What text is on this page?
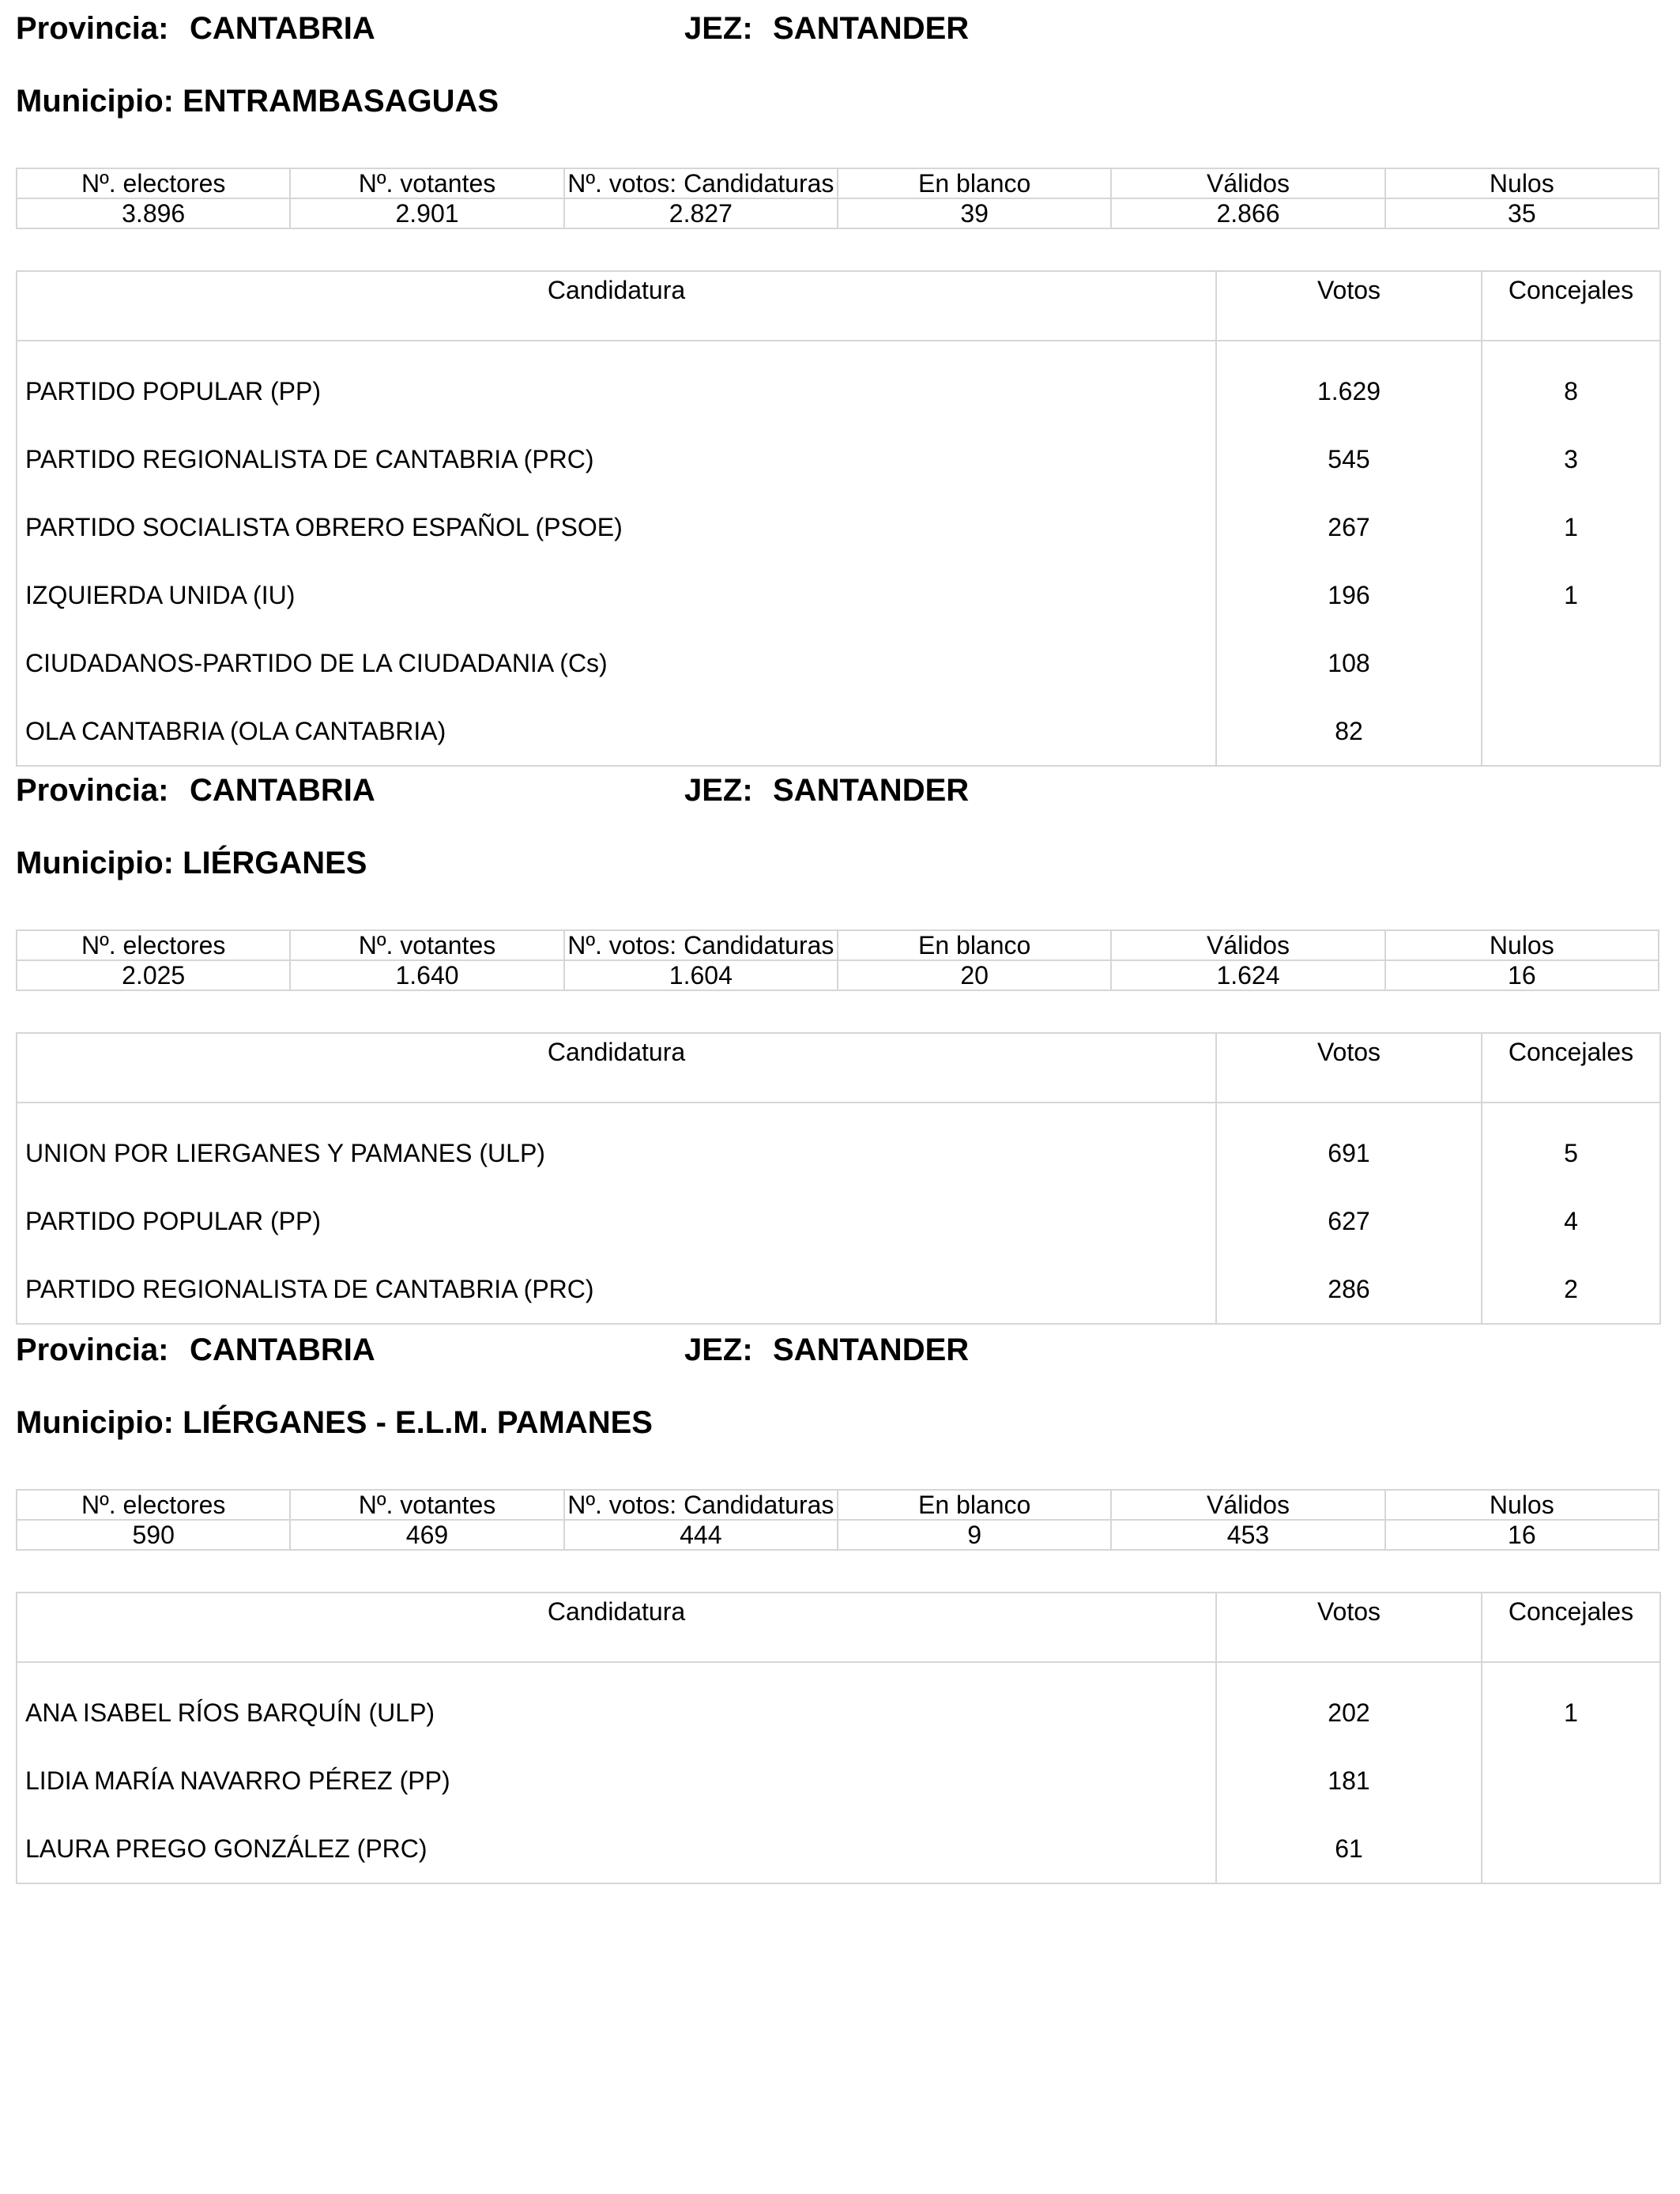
Provincia: CANTABRIA	JEZ: SANTANDER
Municipio: ENTRAMBASAGUAS
Nº. electores	Nº. votantes	Nº. votos: Candidaturas	En blanco	Válidos	Nulos
3.896	2.901	2.827	39	2.866	35
Candidatura	Votos	Concejales

PARTIDO POPULAR (PP)	1.629	8
PARTIDO REGIONALISTA DE CANTABRIA (PRC)	545	3
PARTIDO SOCIALISTA OBRERO ESPAÑOL (PSOE)	267	1
IZQUIERDA UNIDA (IU)	196	1
CIUDADANOS-PARTIDO DE LA CIUDADANIA (Cs)	108	
OLA CANTABRIA (OLA CANTABRIA)	82	
Provincia: CANTABRIA	JEZ: SANTANDER
Municipio: LIÉRGANES
Nº. electores	Nº. votantes	Nº. votos: Candidaturas	En blanco	Válidos	Nulos
2.025	1.640	1.604	20	1.624	16
Candidatura	Votos	Concejales

UNION POR LIERGANES Y PAMANES (ULP)	691	5
PARTIDO POPULAR (PP)	627	4
PARTIDO REGIONALISTA DE CANTABRIA (PRC)	286	2
Provincia: CANTABRIA	JEZ: SANTANDER
Municipio: LIÉRGANES - E.L.M. PAMANES
Nº. electores	Nº. votantes	Nº. votos: Candidaturas	En blanco	Válidos	Nulos
590	469	444	9	453	16
Candidatura	Votos	Concejales

ANA ISABEL RÍOS BARQUÍN (ULP)	202	1
LIDIA MARÍA NAVARRO PÉREZ (PP)	181	
LAURA PREGO GONZÁLEZ (PRC)	61	
